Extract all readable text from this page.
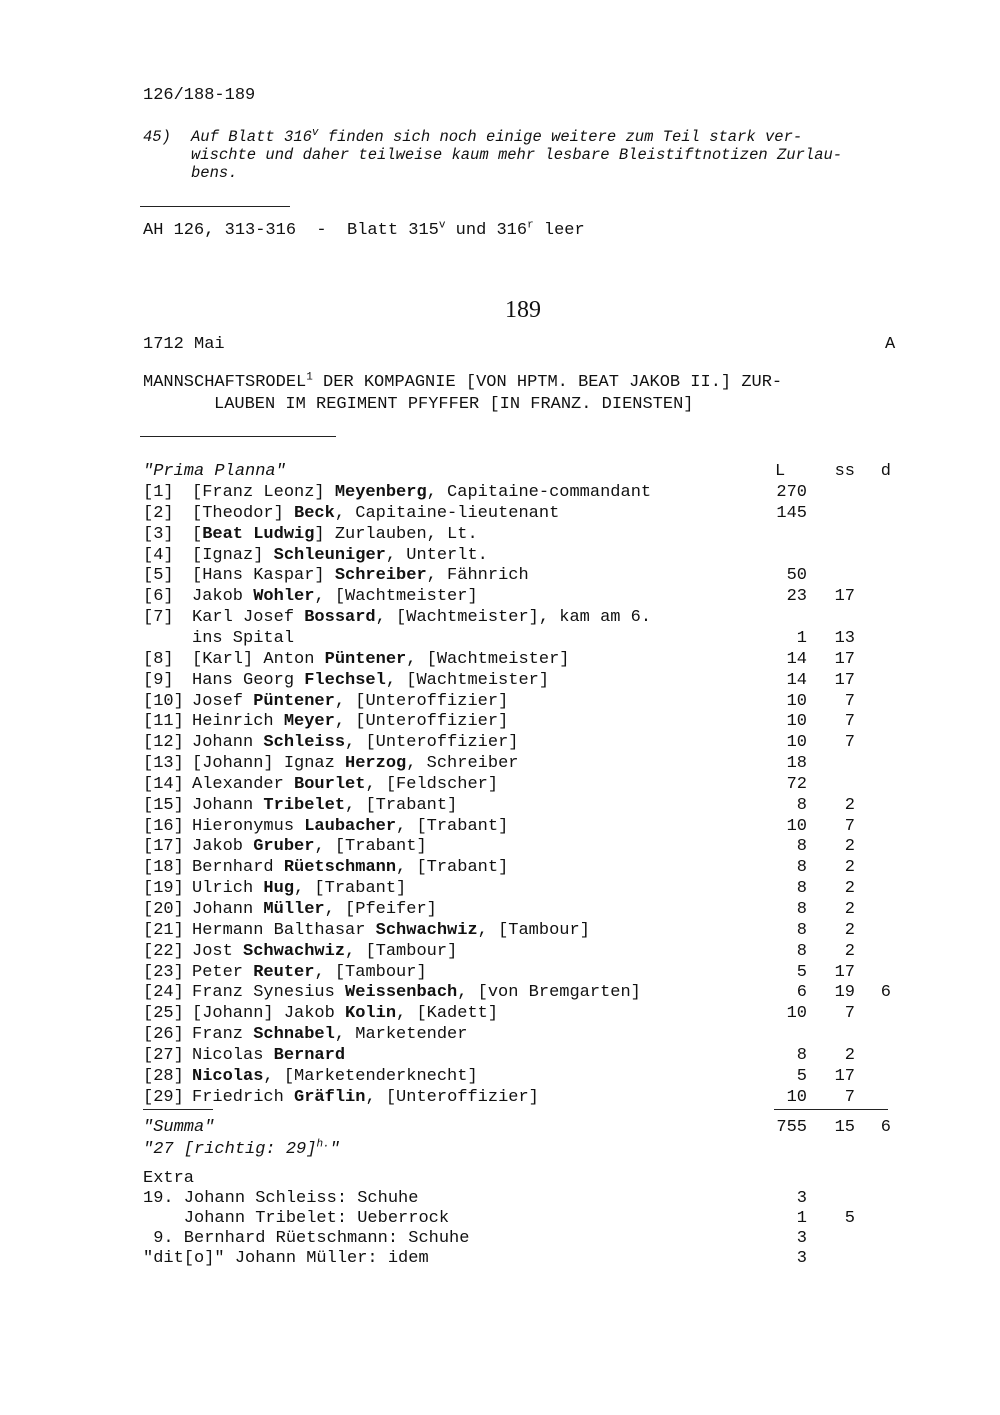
126/188-189
45) Auf Blatt 316$^v$ finden sich noch einige weitere zum Teil stark ver-
wischte und daher teilweise kaum mehr lesbare Bleistiftnotizen Zurlau-
bens.
AH 126, 313-316  -  Blatt 315$^v$ und 316$^r$ leer
189
1712 Mai	A
MANNSCHAFTSRODEL$^1$ DER KOMPAGNIE [VON HPTM. BEAT JAKOB II.] ZUR-
LAUBEN IM REGIMENT PFYFFER [IN FRANZ. DIENSTEN]
"Prima Planna"	L	ss	d
[1] [Franz Leonz] Meyenberg, Capitaine-commandant	270
[2] [Theodor] Beck, Capitaine-lieutenant	145
[3] [Beat Ludwig] Zurlauben, Lt.
[4] [Ignaz] Schleuniger, Unterlt.
[5] [Hans Kaspar] Schreiber, Fähnrich	50
[6] Jakob Wohler, [Wachtmeister]	23	17
[7] Karl Josef Bossard, [Wachtmeister], kam am 6.
ins Spital	1	13
[8] [Karl] Anton Püntener, [Wachtmeister]	14	17
[9] Hans Georg Flechsel, [Wachtmeister]	14	17
[10] Josef Püntener, [Unteroffizier]	10	7
[11] Heinrich Meyer, [Unteroffizier]	10	7
[12] Johann Schleiss, [Unteroffizier]	10	7
[13] [Johann] Ignaz Herzog, Schreiber	18
[14] Alexander Bourlet, [Feldscher]	72
[15] Johann Tribelet, [Trabant]	8	2
[16] Hieronymus Laubacher, [Trabant]	10	7
[17] Jakob Gruber, [Trabant]	8	2
[18] Bernhard Rüetschmann, [Trabant]	8	2
[19] Ulrich Hug, [Trabant]	8	2
[20] Johann Müller, [Pfeifer]	8	2
[21] Hermann Balthasar Schwachwiz, [Tambour]	8	2
[22] Jost Schwachwiz, [Tambour]	8	2
[23] Peter Reuter, [Tambour]	5	17
[24] Franz Synesius Weissenbach, [von Bremgarten]	6	19	6
[25] [Johann] Jakob Kolin, [Kadett]	10	7
[26] Franz Schnabel, Marketender
[27] Nicolas Bernard	8	2
[28] Nicolas, [Marketenderknecht]	5	17
[29] Friedrich Gräflin, [Unteroffizier]	10	7
"Summa"	755	15	6
"27 [richtig: 29]$^{h.}$"
Extra
19. Johann Schleiss: Schuhe	3
Johann Tribelet: Ueberrock	1	5
9. Bernhard Rüetschmann: Schuhe	3
"dit[o]" Johann Müller: idem	3
